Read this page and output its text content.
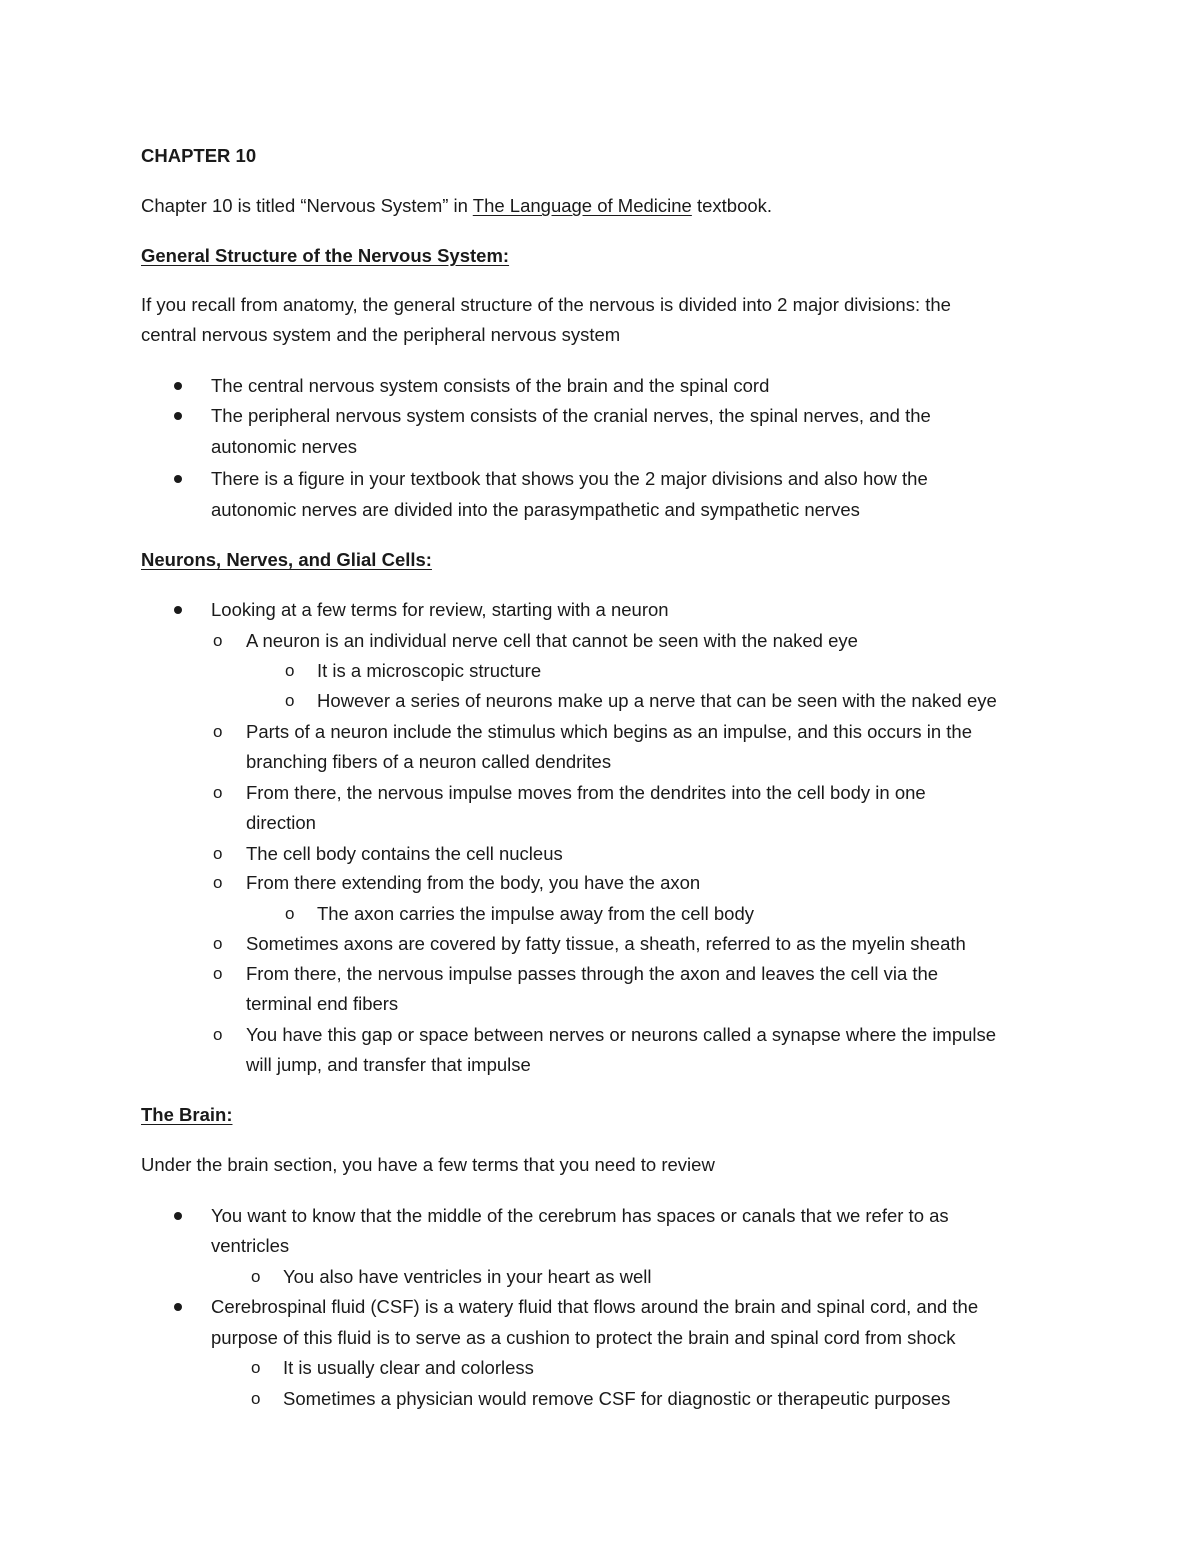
CHAPTER 10
Chapter 10 is titled “Nervous System” in The Language of Medicine textbook.
General Structure of the Nervous System:
If you recall from anatomy, the general structure of the nervous is divided into 2 major divisions: the
central nervous system and the peripheral nervous system
The central nervous system consists of the brain and the spinal cord
The peripheral nervous system consists of the cranial nerves, the spinal nerves, and the
autonomic nerves
There is a figure in your textbook that shows you the 2 major divisions and also how the
autonomic nerves are divided into the parasympathetic and sympathetic nerves
Neurons, Nerves, and Glial Cells:
Looking at a few terms for review, starting with a neuron
o A neuron is an individual nerve cell that cannot be seen with the naked eye
o It is a microscopic structure
o However a series of neurons make up a nerve that can be seen with the naked eye
o Parts of a neuron include the stimulus which begins as an impulse, and this occurs in the
branching fibers of a neuron called dendrites
o From there, the nervous impulse moves from the dendrites into the cell body in one
direction
o The cell body contains the cell nucleus
o From there extending from the body, you have the axon
o The axon carries the impulse away from the cell body
o Sometimes axons are covered by fatty tissue, a sheath, referred to as the myelin sheath
o From there, the nervous impulse passes through the axon and leaves the cell via the
terminal end fibers
o You have this gap or space between nerves or neurons called a synapse where the impulse
will jump, and transfer that impulse
The Brain:
Under the brain section, you have a few terms that you need to review
You want to know that the middle of the cerebrum has spaces or canals that we refer to as
ventricles
o You also have ventricles in your heart as well
Cerebrospinal fluid (CSF) is a watery fluid that flows around the brain and spinal cord, and the
purpose of this fluid is to serve as a cushion to protect the brain and spinal cord from shock
o It is usually clear and colorless
o Sometimes a physician would remove CSF for diagnostic or therapeutic purposes
